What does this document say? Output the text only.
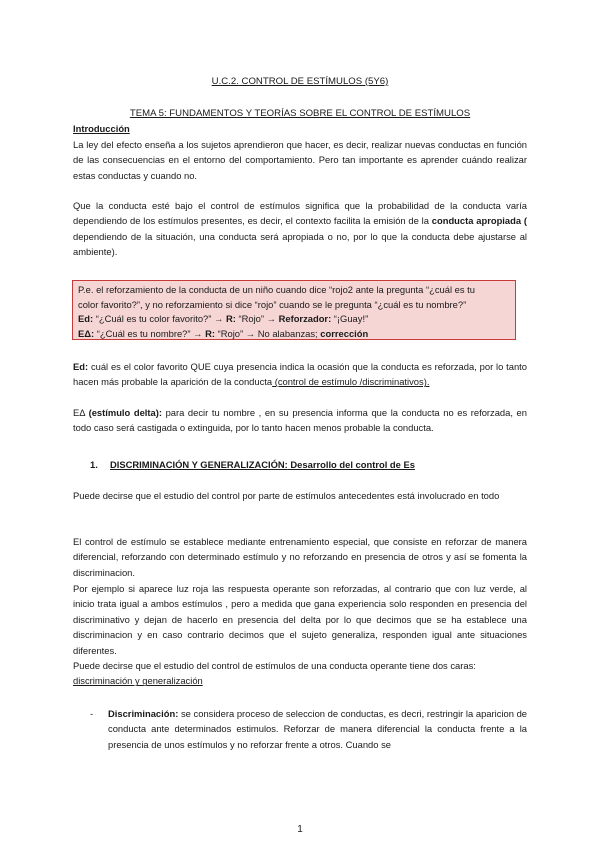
U.C.2. CONTROL DE ESTÍMULOS (5Y6)
TEMA 5: FUNDAMENTOS Y TEORÍAS SOBRE EL CONTROL DE ESTÍMULOS
Introducción
La ley del efecto enseña a los sujetos aprendieron que hacer, es decir, realizar nuevas conductas en función de las consecuencias en el entorno del comportamiento. Pero tan importante es aprender cuándo realizar estas conductas y cuando no.
Que la conducta esté bajo el control de estímulos significa que la probabilidad de la conducta varía dependiendo de los estímulos presentes, es decir, el contexto facilita la emisión de la conducta apropiada ( dependiendo de la situación, una conducta será apropiada o no, por lo que la conducta debe ajustarse al ambiente).
P.e. el reforzamiento de la conducta de un niño cuando dice “rojo2 ante la pregunta “¿cuál es tu
color favorito?”, y no reforzamiento si dice “rojo” cuando se le pregunta “¿cuál es tu nombre?”
Ed: “¿Cuál es tu color favorito?” → R: “Rojo” → Reforzador: “¡Guay!”
EΔ: “¿Cuál es tu nombre?” → R: “Rojo” → No alabanzas; corrección
Ed: cuál es el color favorito QUE cuya presencia indica la ocasión que la conducta es reforzada, por lo tanto hacen más probable la aparición de la conducta (control de estímulo /discriminativos).
EΔ (estímulo delta): para decir tu nombre , en su presencia informa que la conducta no es reforzada, en todo caso será castigada o extinguida, por lo tanto hacen menos probable la conducta.
1. DISCRIMINACIÓN Y GENERALIZACIÓN: Desarrollo del control de Es
Puede decirse que el estudio del control por parte de estímulos antecedentes está involucrado en todo
El control de estímulo se establece mediante entrenamiento especial, que consiste en reforzar de manera diferencial, reforzando con determinado estímulo y no reforzando en presencia de otros y así se fomenta la discriminacion.
Por ejemplo si aparece luz roja las respuesta operante son reforzadas, al contrario que con luz verde, al inicio trata igual a ambos estímulos , pero a medida que gana experiencia solo responden en presencia del discriminativo y dejan de hacerlo en presencia del delta por lo que decimos que se ha establece una discriminacion y en caso contrario decimos que el sujeto generaliza, responden igual ante situaciones diferentes.
Puede decirse que el estudio del control de estímulos de una conducta operante tiene dos caras:
discriminación y generalización
- Discriminación: se considera proceso de seleccion de conductas, es decri, restringir la aparicion de conducta ante determinados estimulos. Reforzar de manera diferencial la conducta frente a la presencia de unos estímulos y no reforzar frente a otros. Cuando se
1
